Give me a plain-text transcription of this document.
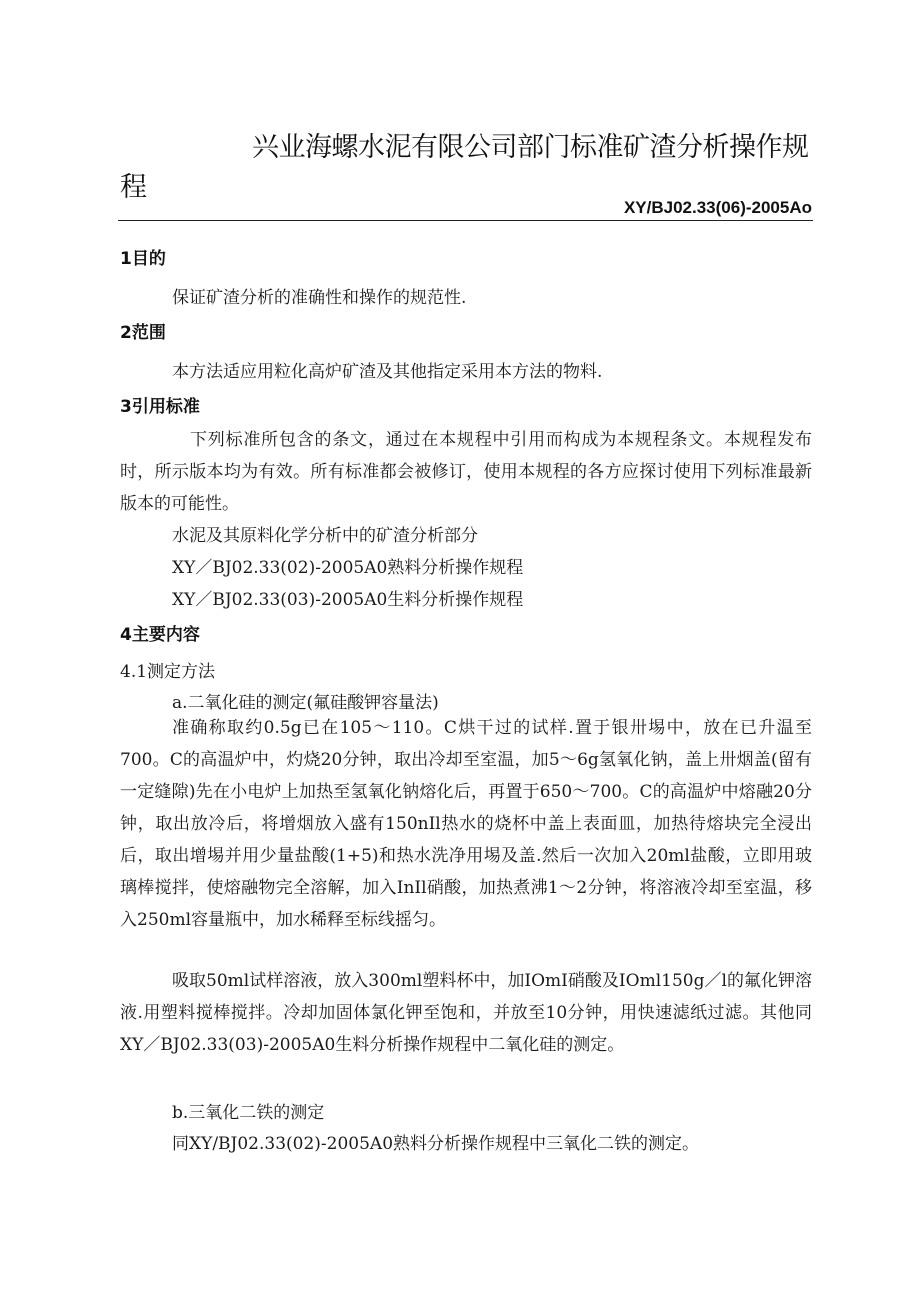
兴业海螺水泥有限公司部门标准矿渣分析操作规程
XY/BJ02.33(06)-2005Ao
1目的
保证矿渣分析的准确性和操作的规范性.
2范围
本方法适应用粒化高炉矿渣及其他指定采用本方法的物料.
3引用标准

下列标准所包含的条文，通过在本规程中引用而构成为本规程条文。本规程发布时，所示版本均为有效。所有标准都会被修订，使用本规程的各方应探讨使用下列标准最新版本的可能性。

水泥及其原料化学分析中的矿渣分析部分
XY／BJ02.33(02)-2005A0熟料分析操作规程
XY／BJ02.33(03)-2005A0生料分析操作规程
4主要内容
4.1测定方法
a.二氧化硅的测定(氟硅酸钾容量法)

准确称取约0.5g已在105～110。C烘干过的试样.置于银卅埸中，放在已升温至700。C的高温炉中，灼烧20分钟，取出冷却至室温，加5～6g氢氧化钠，盖上卅烟盖(留有一定缝隙)先在小电炉上加热至氢氧化钠熔化后，再置于650～700。C的高温炉中熔融20分钟，取出放冷后，将增烟放入盛有150nIl热水的烧杯中盖上表面皿，加热待熔块完全浸出后，取出增埸并用少量盐酸(1+5)和热水洗净用埸及盖.然后一次加入20ml盐酸，立即用玻璃棒搅拌，使熔融物完全溶解，加入InIl硝酸，加热煮沸1～2分钟，将溶液冷却至室温，移入250ml容量瓶中，加水稀释至标线摇匀。

吸取50ml试样溶液，放入300ml塑料杯中，加IOmI硝酸及IOml150g／l的氟化钾溶液.用塑料搅棒搅拌。冷却加固体氯化钾至饱和，并放至10分钟，用快速滤纸过滤。其他同XY／BJ02.33(03)-2005A0生料分析操作规程中二氧化硅的测定。

b.三氧化二铁的测定
同XY/BJ02.33(02)-2005A0熟料分析操作规程中三氧化二铁的测定。
